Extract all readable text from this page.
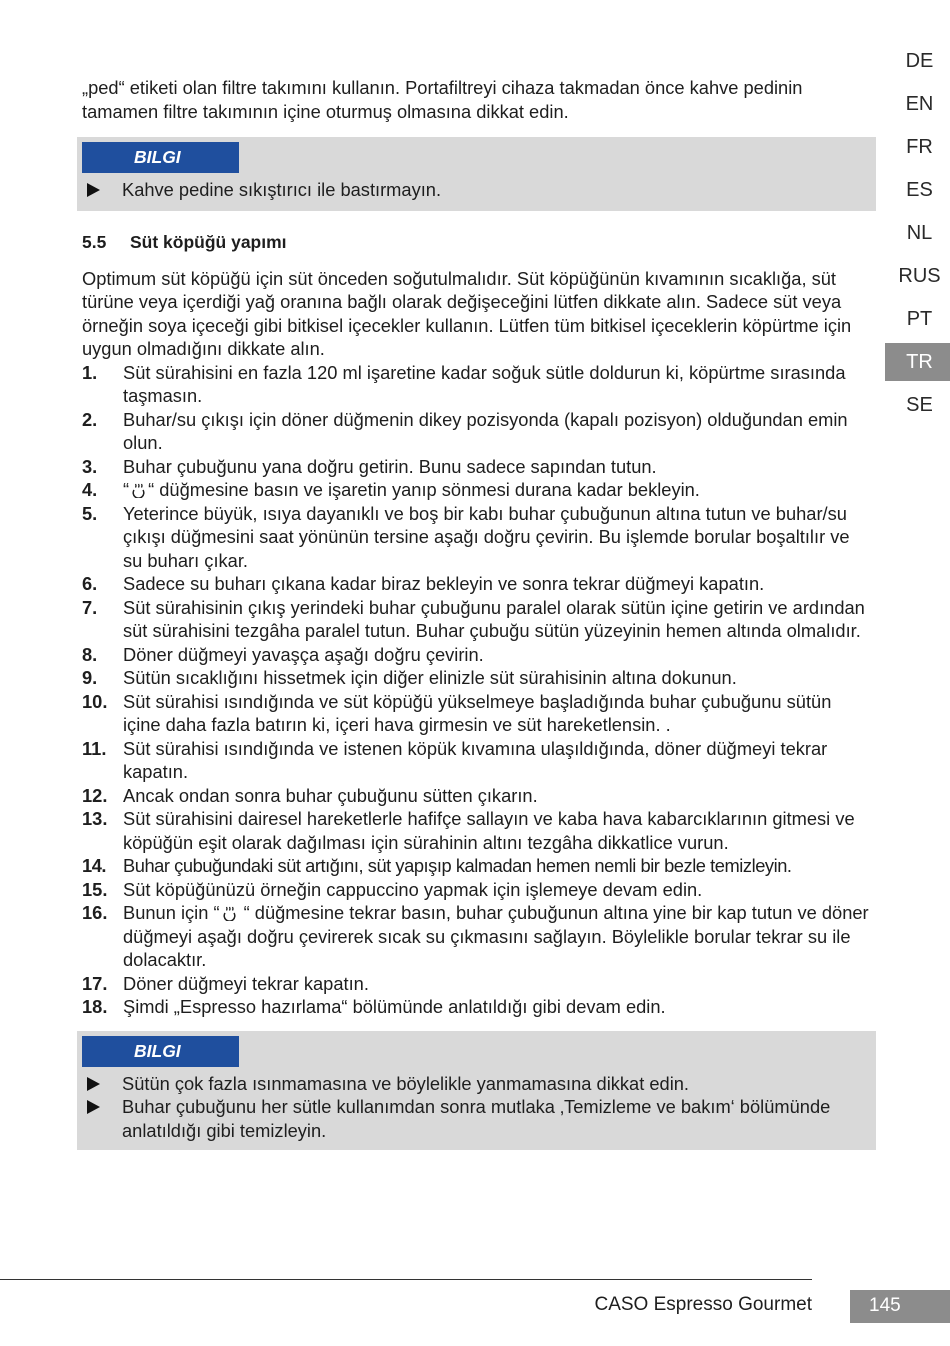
„ped“ etiketi olan filtre takımını kullanın. Portafiltreyi cihaza takmadan önce kahve pedinin tamamen filtre takımının içine oturmuş olmasına dikkat edin.

BILGI
Kahve pedine sıkıştırıcı ile bastırmayın.
5.5 Süt köpüğü yapımı

Optimum süt köpüğü için süt önceden soğutulmalıdır. Süt köpüğünün kıvamının sıcaklığa, süt türüne veya içerdiği yağ oranına bağlı olarak değişeceğini lütfen dikkate alın. Sadece süt veya örneğin soya içeceği gibi bitkisel içecekler kullanın. Lütfen tüm bitkisel içeceklerin köpürtme için uygun olmadığını dikkate alın.

1. Süt sürahisini en fazla 120 ml işaretine kadar soğuk sütle doldurun ki, köpürtme sırasında taşmasın.
2. Buhar/su çıkışı için döner düğmenin dikey pozisyonda (kapalı pozisyon) olduğundan emin olun.
3. Buhar çubuğunu yana doğru getirin. Bunu sadece sapından tutun.
4. “ “ düğmesine basın ve işaretin yanıp sönmesi durana kadar bekleyin.
5. Yeterince büyük, ısıya dayanıklı ve boş bir kabı buhar çubuğunun altına tutun ve buhar/su çıkışı düğmesini saat yönünün tersine aşağı doğru çevirin. Bu işlemde borular boşaltılır ve su buharı çıkar.
6. Sadece su buharı çıkana kadar biraz bekleyin ve sonra tekrar düğmeyi kapatın.
7. Süt sürahisinin çıkış yerindeki buhar çubuğunu paralel olarak sütün içine getirin ve ardından süt sürahisini tezgâha paralel tutun. Buhar çubuğu sütün yüzeyinin hemen altında olmalıdır.
8. Döner düğmeyi yavaşça aşağı doğru çevirin.
9. Sütün sıcaklığını hissetmek için diğer elinizle süt sürahisinin altına dokunun.
10. Süt sürahisi ısındığında ve süt köpüğü yükselmeye başladığında buhar çubuğunu sütün içine daha fazla batırın ki, içeri hava girmesin ve süt hareketlensin. .
11. Süt sürahisi ısındığında ve istenen köpük kıvamına ulaşıldığında, döner düğmeyi tekrar kapatın.
12. Ancak ondan sonra buhar çubuğunu sütten çıkarın.
13. Süt sürahisini dairesel hareketlerle hafifçe sallayın ve kaba hava kabarcıklarının gitmesi ve köpüğün eşit olarak dağılması için sürahinin altını tezgâha dikkatlice vurun.
14. Buhar çubuğundaki süt artığını, süt yapışıp kalmadan hemen nemli bir bezle temizleyin.
15. Süt köpüğünüzü örneğin cappuccino yapmak için işlemeye devam edin.
16. Bunun için “ “ düğmesine tekrar basın, buhar çubuğunun altına yine bir kap tutun ve döner düğmeyi aşağı doğru çevirerek sıcak su çıkmasını sağlayın. Böylelikle borular tekrar su ile dolacaktır.
17. Döner düğmeyi tekrar kapatın.
18. Şimdi „Espresso hazırlama“ bölümünde anlatıldığı gibi devam edin.
BILGI
Sütün çok fazla ısınmamasına ve böylelikle yanmamasına dikkat edin.
Buhar çubuğunu her sütle kullanımdan sonra mutlaka ‚Temizleme ve bakım‘ bölümünde anlatıldığı gibi temizleyin.
DE
EN
FR
ES
NL
RUS
PT
TR
SE
CASO Espresso Gourmet	145
